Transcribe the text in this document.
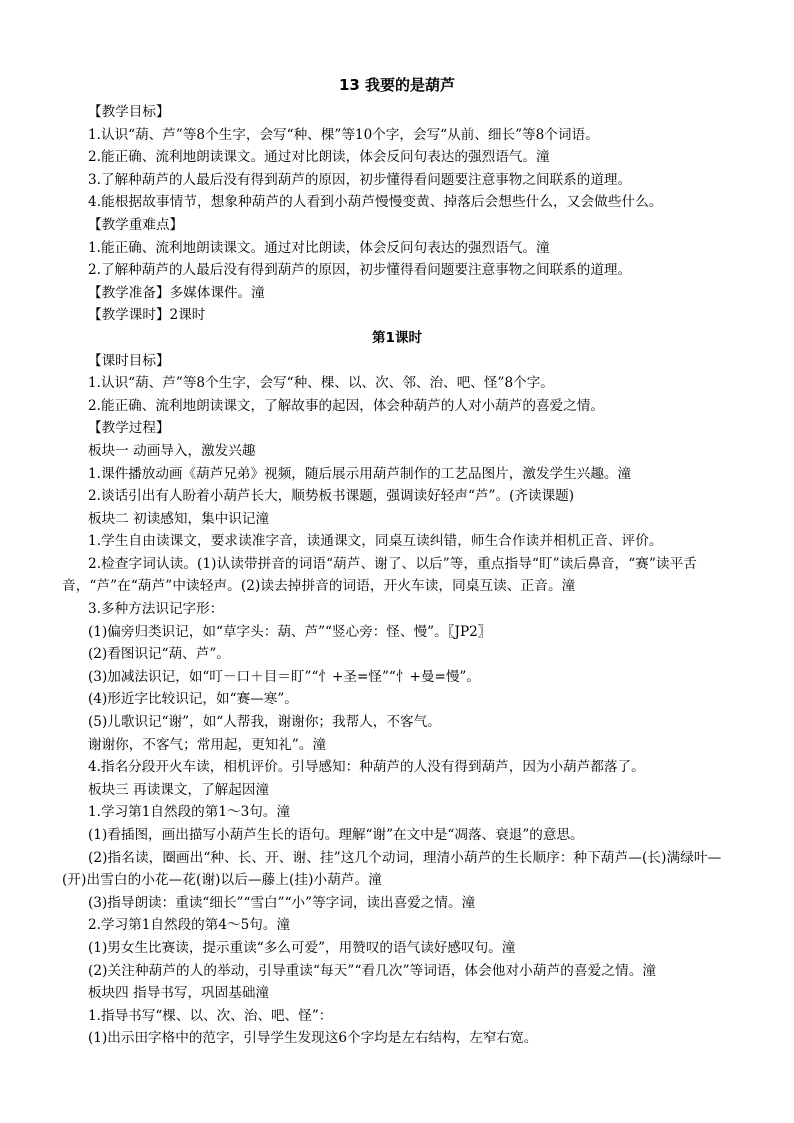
13 我要的是葫芦
【教学目标】
1.认识“葫、芦”等8个生字，会写“种、棵”等10个字，会写“从前、细长”等8个词语。
2.能正确、流利地朗读课文。通过对比朗读，体会反问句表达的强烈语气。潼
3.了解种葫芦的人最后没有得到葫芦的原因，初步懂得看问题要注意事物之间联系的道理。
4.能根据故事情节，想象种葫芦的人看到小葫芦慢慢变黄、掉落后会想些什么，又会做些什么。
【教学重难点】
1.能正确、流利地朗读课文。通过对比朗读，体会反问句表达的强烈语气。潼
2.了解种葫芦的人最后没有得到葫芦的原因，初步懂得看问题要注意事物之间联系的道理。
【教学准备】多媒体课件。潼
【教学课时】2课时
第1课时
【课时目标】
1.认识“葫、芦”等8个生字，会写“种、棵、以、次、邻、治、吧、怪”8个字。
2.能正确、流利地朗读课文，了解故事的起因，体会种葫芦的人对小葫芦的喜爱之情。
【教学过程】
板块一 动画导入，激发兴趣
1.课件播放动画《葫芦兄弟》视频，随后展示用葫芦制作的工艺品图片，激发学生兴趣。潼
2.谈话引出有人盼着小葫芦长大，顺势板书课题，强调读好轻声“芦”。(齐读课题)
板块二 初读感知，集中识记潼
1.学生自由读课文，要求读准字音，读通课文，同桌互读纠错，师生合作读并相机正音、评价。
2.检查字词认读。(1)认读带拼音的词语“葫芦、谢了、以后”等，重点指导“盯”读后鼻音，“赛”读平舌音，“芦”在“葫芦”中读轻声。(2)读去掉拼音的词语，开火车读，同桌互读、正音。潼
3.多种方法识记字形：
(1)偏旁归类识记，如“草字头：葫、芦”“竖心旁：怪、慢”。〖JP2〗
(2)看图识记“葫、芦”。
(3)加减法识记，如“叮－口＋目＝盯”“忄+圣=怪”“忄+曼=慢”。
(4)形近字比较识记，如“赛—寒”。
(5)儿歌识记“谢”，如“人帮我，谢谢你；我帮人，不客气。
谢谢你，不客气；常用起，更知礼”。潼
4.指名分段开火车读，相机评价。引导感知：种葫芦的人没有得到葫芦，因为小葫芦都落了。
板块三 再读课文，了解起因潼
1.学习第1自然段的第1～3句。潼
(1)看插图，画出描写小葫芦生长的语句。理解“谢”在文中是“凋落、衰退”的意思。
(2)指名读，圈画出“种、长、开、谢、挂”这几个动词，理清小葫芦的生长顺序：种下葫芦—(长)满绿叶—(开)出雪白的小花—花(谢)以后—藤上(挂)小葫芦。潼
(3)指导朗读：重读“细长”“雪白”“小”等字词，读出喜爱之情。潼
2.学习第1自然段的第4～5句。潼
(1)男女生比赛读，提示重读“多么可爱”，用赞叹的语气读好感叹句。潼
(2)关注种葫芦的人的举动，引导重读“每天”“看几次”等词语，体会他对小葫芦的喜爱之情。潼
板块四 指导书写，巩固基础潼
1.指导书写“棵、以、次、治、吧、怪”：
(1)出示田字格中的范字，引导学生发现这6个字均是左右结构，左窄右宽。
